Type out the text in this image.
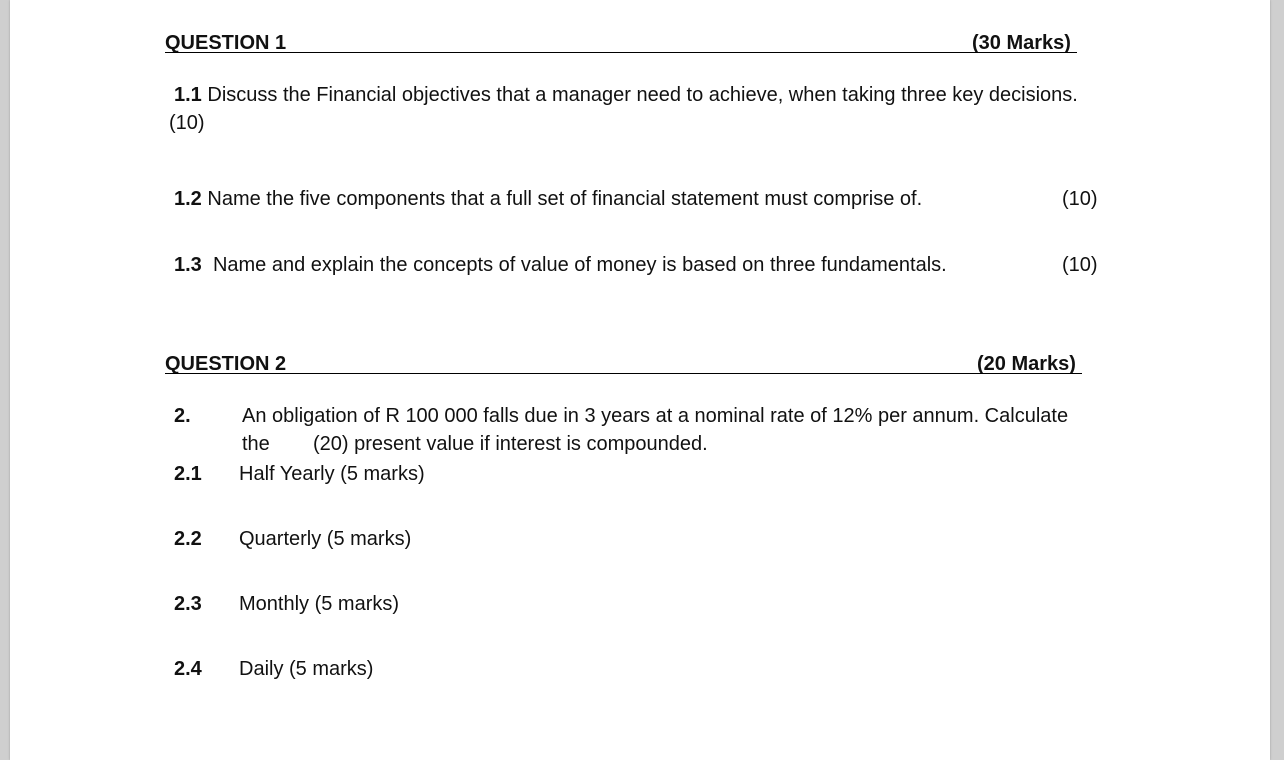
QUESTION 1	(30 Marks)
1.1 Discuss the Financial objectives that a manager need to achieve, when taking three key decisions.
(10)
1.2 Name the five components that a full set of financial statement must comprise of.	(10)
1.3 Name and explain the concepts of value of money is based on three fundamentals.	(10)
QUESTION 2	(20 Marks)
2.	An obligation of R 100 000 falls due in 3 years at a nominal rate of 12% per annum. Calculate
the (20) present value if interest is compounded.
2.1 Half Yearly (5 marks)
2.2 Quarterly (5 marks)
2.3 Monthly (5 marks)
2.4 Daily (5 marks)
